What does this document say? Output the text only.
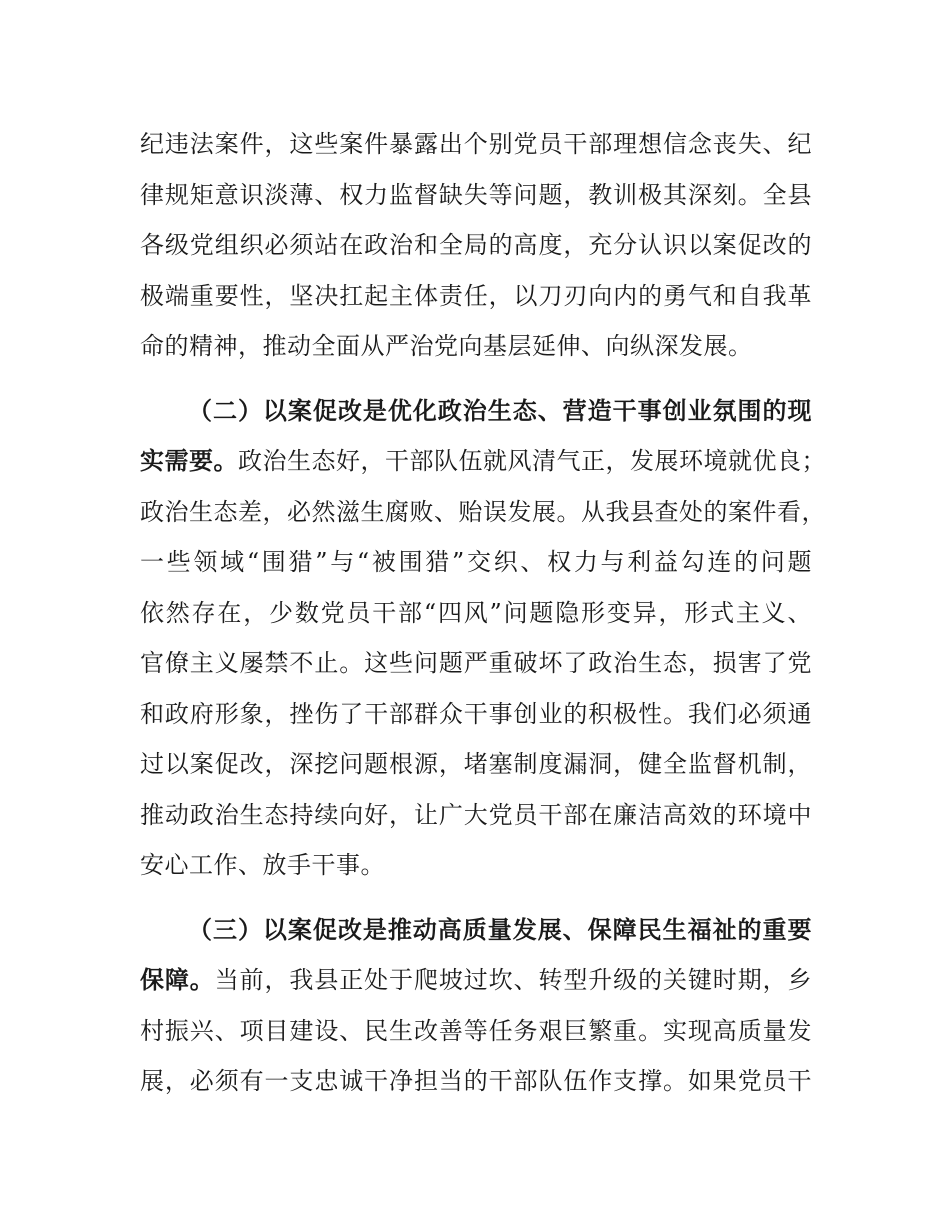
纪违法案件，这些案件暴露出个别党员干部理想信念丧失、纪
律规矩意识淡薄、权力监督缺失等问题，教训极其深刻。全县
各级党组织必须站在政治和全局的高度，充分认识以案促改的
极端重要性，坚决扛起主体责任，以刀刃向内的勇气和自我革
命的精神，推动全面从严治党向基层延伸、向纵深发展。
（二）以案促改是优化政治生态、营造干事创业氛围的现
实需要。政治生态好，干部队伍就风清气正，发展环境就优良；
政治生态差，必然滋生腐败、贻误发展。从我县查处的案件看，
一些领域“围猎”与“被围猎”交织、权力与利益勾连的问题
依然存在，少数党员干部“四风”问题隐形变异，形式主义、
官僚主义屡禁不止。这些问题严重破坏了政治生态，损害了党
和政府形象，挫伤了干部群众干事创业的积极性。我们必须通
过以案促改，深挖问题根源，堵塞制度漏洞，健全监督机制，
推动政治生态持续向好，让广大党员干部在廉洁高效的环境中
安心工作、放手干事。
（三）以案促改是推动高质量发展、保障民生福祉的重要
保障。当前，我县正处于爬坡过坎、转型升级的关键时期，乡
村振兴、项目建设、民生改善等任务艰巨繁重。实现高质量发
展，必须有一支忠诚干净担当的干部队伍作支撑。如果党员干
